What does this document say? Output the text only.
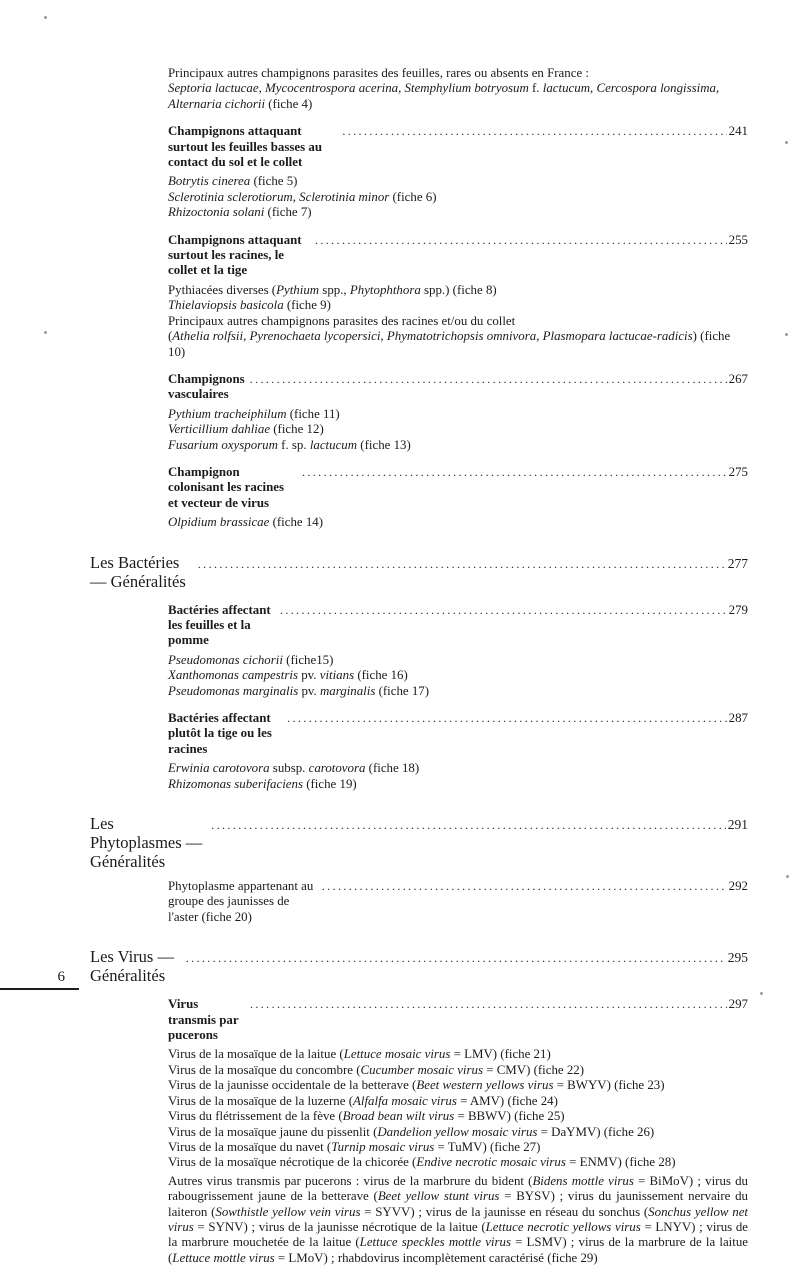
Principaux autres champignons parasites des feuilles, rares ou absents en France :
Septoria lactucae, Mycocentrospora acerina, Stemphylium botryosum f. lactucum, Cercospora longissima, Alternaria cichorii (fiche 4)
Champignons attaquant surtout les feuilles basses au contact du sol et le collet
.....
241
Botrytis cinerea (fiche 5)
Sclerotinia sclerotiorum, Sclerotinia minor (fiche 6)
Rhizoctonia solani (fiche 7)
Champignons attaquant surtout les racines, le collet et la tige
.....
255
Pythiacées diverses (Pythium spp., Phytophthora spp.) (fiche 8)
Thielaviopsis basicola (fiche 9)
Principaux autres champignons parasites des racines et/ou du collet
(Athelia rolfsii, Pyrenochaeta lycopersici, Phymatotrichopsis omnivora, Plasmopara lactucae-radicis) (fiche 10)
Champignons vasculaires
.....
267
Pythium tracheiphilum (fiche 11)
Verticillium dahliae (fiche 12)
Fusarium oxysporum f. sp. lactucum (fiche 13)
Champignon colonisant les racines et vecteur de virus
.....
275
Olpidium brassicae (fiche 14)
Les Bactéries — Généralités
.....
277
Bactéries affectant les feuilles et la pomme
.....
279
Pseudomonas cichorii (fiche15)
Xanthomonas campestris pv. vitians (fiche 16)
Pseudomonas marginalis pv. marginalis (fiche 17)
Bactéries affectant plutôt la tige ou les racines
.....
287
Erwinia carotovora subsp. carotovora (fiche 18)
Rhizomonas suberifaciens (fiche 19)
Les Phytoplasmes — Généralités
.....
291
Phytoplasme appartenant au groupe des jaunisses de l'aster (fiche 20)
.....
292
Les Virus — Généralités
.....
295
Virus transmis par pucerons
.....
297
Virus de la mosaïque de la laitue (Lettuce mosaic virus = LMV) (fiche 21)
Virus de la mosaïque du concombre (Cucumber mosaic virus = CMV) (fiche 22)
Virus de la jaunisse occidentale de la betterave (Beet western yellows virus = BWYV) (fiche 23)
Virus de la mosaïque de la luzerne (Alfalfa mosaic virus = AMV) (fiche 24)
Virus du flétrissement de la fève (Broad bean wilt virus = BBWV) (fiche 25)
Virus de la mosaïque jaune du pissenlit (Dandelion yellow mosaic virus = DaYMV) (fiche 26)
Virus de la mosaïque du navet (Turnip mosaic virus = TuMV) (fiche 27)
Virus de la mosaïque nécrotique de la chicorée (Endive necrotic mosaic virus = ENMV) (fiche 28)
Autres virus transmis par pucerons : virus de la marbrure du bident (Bidens mottle virus = BiMoV) ; virus du rabougrissement jaune de la betterave (Beet yellow stunt virus = BYSV) ; virus du jaunissement nervaire du laiteron (Sowthistle yellow vein virus = SYVV) ; virus de la jaunisse en réseau du sonchus (Sonchus yellow net virus = SYNV) ; virus de la jaunisse nécrotique de la laitue (Lettuce necrotic yellows virus = LNYV) ; virus de la marbrure mouchetée de la laitue (Lettuce speckles mottle virus = LSMV) ; virus de la marbrure de la laitue (Lettuce mottle virus = LMoV) ; rhabdovirus incomplètement caractérisé (fiche 29)
6
